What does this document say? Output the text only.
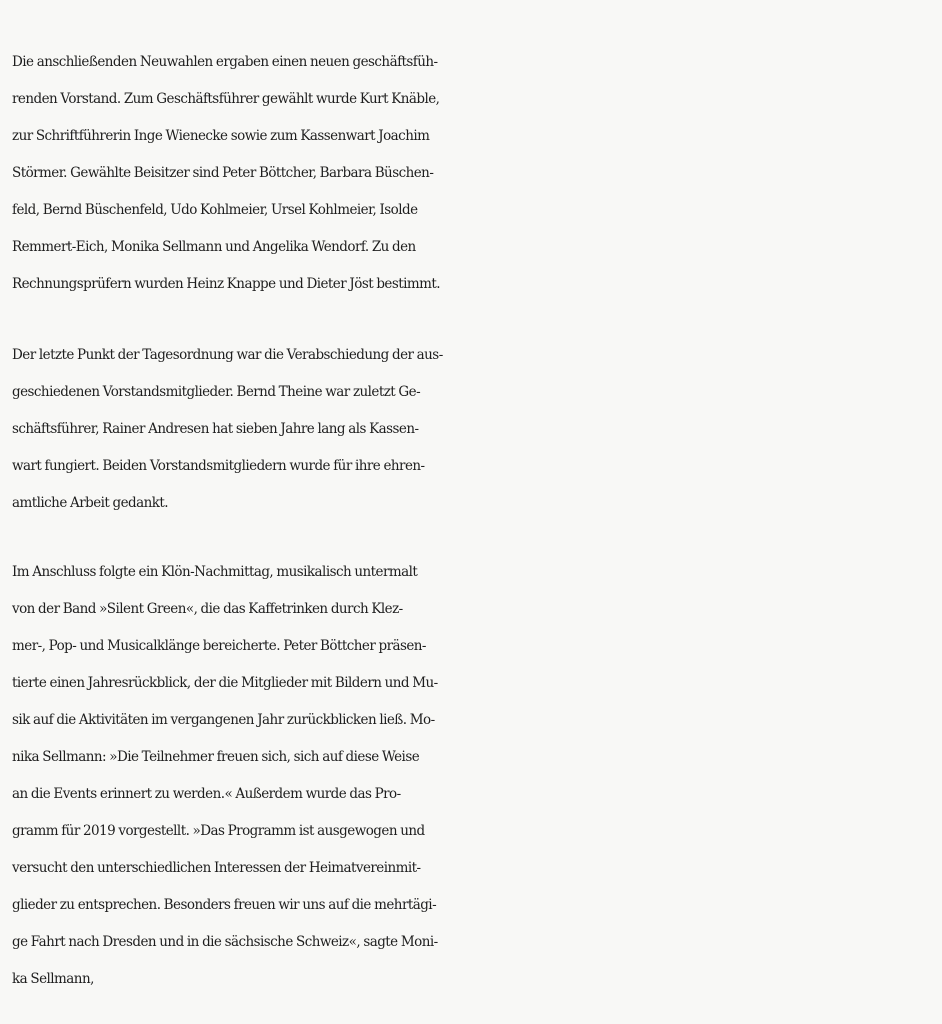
Die anschließenden Neuwahlen ergaben einen neuen geschäftsfüh-
renden Vorstand. Zum Geschäftsführer gewählt wurde Kurt Knäble,
zur Schriftführerin Inge Wienecke sowie zum Kassenwart Joachim
Störmer. Gewählte Beisitzer sind Peter Böttcher, Barbara Büschen-
feld, Bernd Büschenfeld, Udo Kohlmeier, Ursel Kohlmeier, Isolde
Remmert-Eich, Monika Sellmann und Angelika Wendorf. Zu den
Rechnungsprüfern wurden Heinz Knappe und Dieter Jöst bestimmt.
Der letzte Punkt der Tagesordnung war die Verabschiedung der aus-
geschiedenen Vorstandsmitglieder. Bernd Theine war zuletzt Ge-
schäftsführer, Rainer Andresen hat sieben Jahre lang als Kassen-
wart fungiert. Beiden Vorstandsmitgliedern wurde für ihre ehren-
amtliche Arbeit gedankt.
Im Anschluss folgte ein Klön-Nachmittag, musikalisch untermalt
von der Band »Silent Green«, die das Kaffetrinken durch Klez-
mer-, Pop- und Musicalklänge bereicherte. Peter Böttcher präsen-
tierte einen Jahresrückblick, der die Mitglieder mit Bildern und Mu-
sik auf die Aktivitäten im vergangenen Jahr zurückblicken ließ. Mo-
nika Sellmann: »Die Teilnehmer freuen sich, sich auf diese Weise
an die Events erinnert zu werden.« Außerdem wurde das Pro-
gramm für 2019 vorgestellt. »Das Programm ist ausgewogen und
versucht den unterschiedlichen Interessen der Heimatvereinmit-
glieder zu entsprechen. Besonders freuen wir uns auf die mehrtägi-
ge Fahrt nach Dresden und in die sächsische Schweiz«, sagte Moni-
ka Sellmann,
